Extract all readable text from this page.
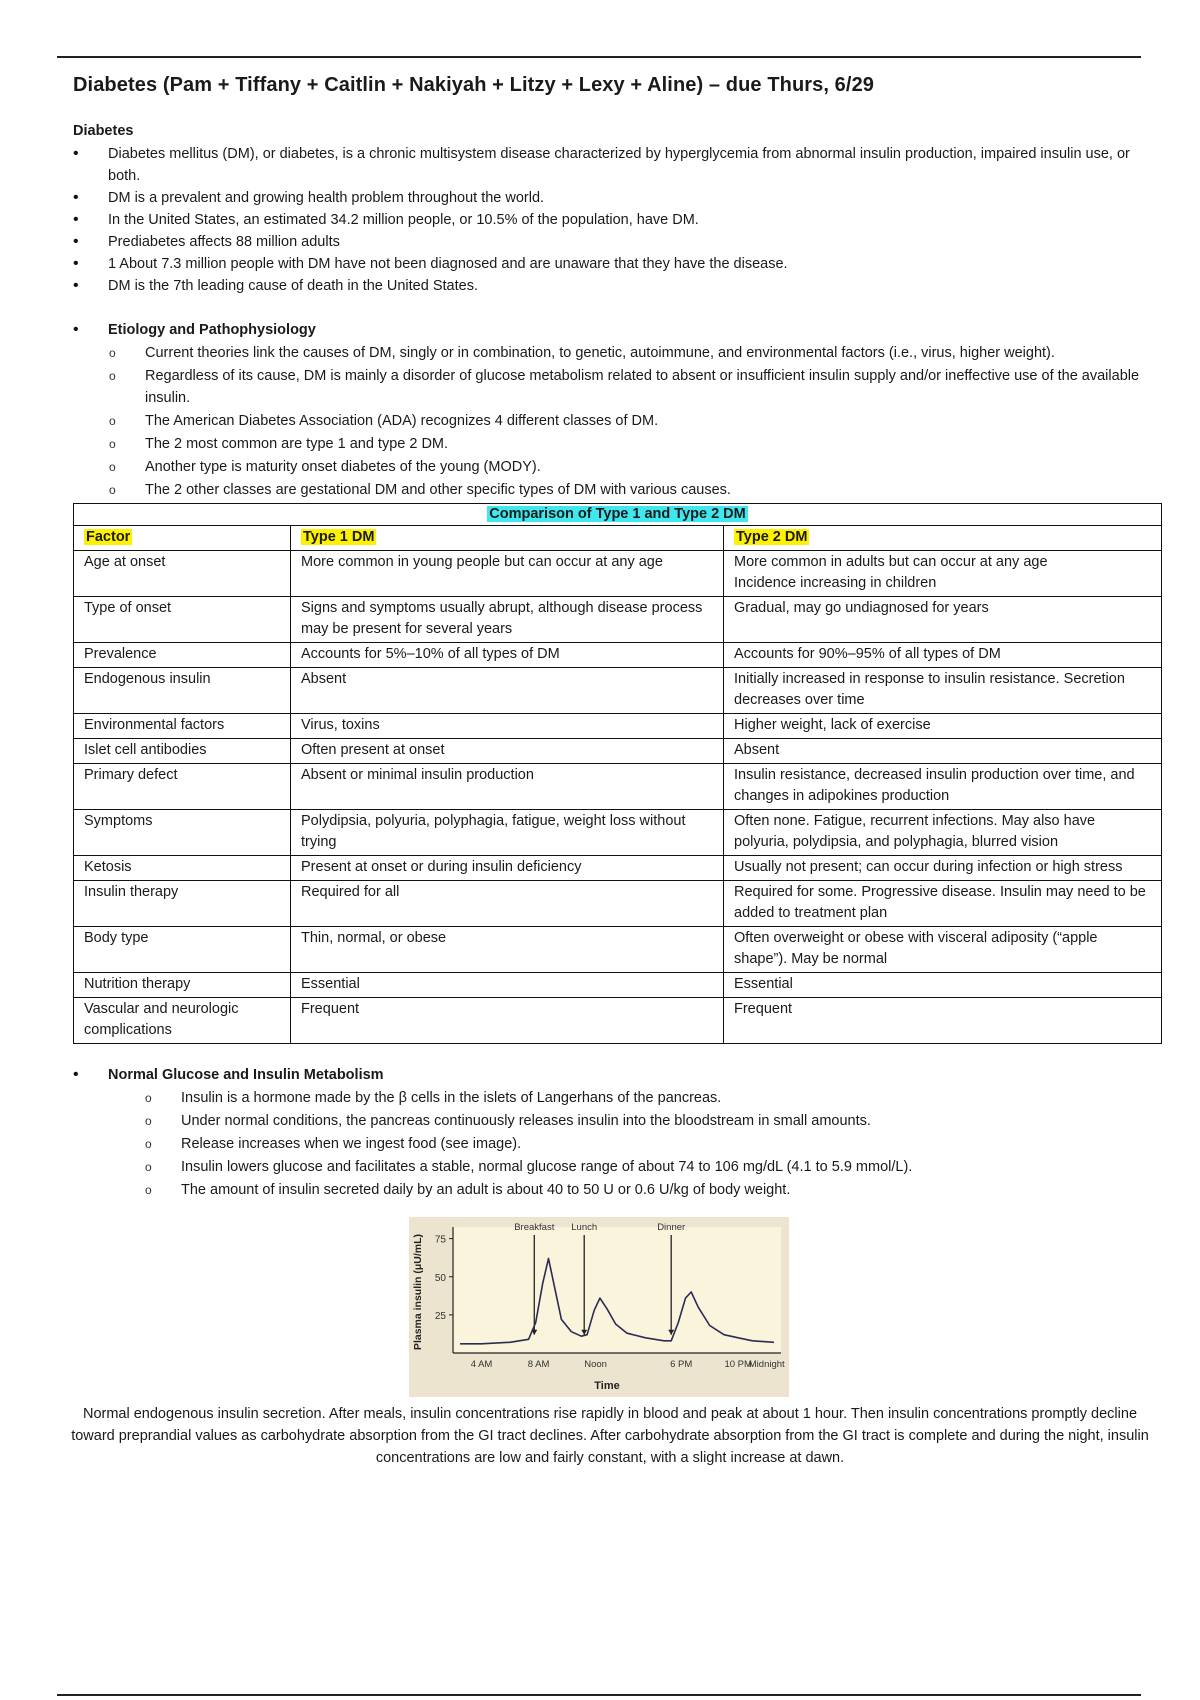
Diabetes (Pam + Tiffany + Caitlin + Nakiyah + Litzy + Lexy + Aline) – due Thurs, 6/29
Diabetes
• Diabetes mellitus (DM), or diabetes, is a chronic multisystem disease characterized by hyperglycemia from abnormal insulin production, impaired insulin use, or both.
• DM is a prevalent and growing health problem throughout the world.
• In the United States, an estimated 34.2 million people, or 10.5% of the population, have DM.
• Prediabetes affects 88 million adults
• 1 About 7.3 million people with DM have not been diagnosed and are unaware that they have the disease.
• DM is the 7th leading cause of death in the United States.
• Etiology and Pathophysiology
o Current theories link the causes of DM, singly or in combination, to genetic, autoimmune, and environmental factors (i.e., virus, higher weight).
o Regardless of its cause, DM is mainly a disorder of glucose metabolism related to absent or insufficient insulin supply and/or ineffective use of the available insulin.
o The American Diabetes Association (ADA) recognizes 4 different classes of DM.
o The 2 most common are type 1 and type 2 DM.
o Another type is maturity onset diabetes of the young (MODY).
o The 2 other classes are gestational DM and other specific types of DM with various causes.
Comparison of Type 1 and Type 2 DM		
Factor	Type 1 DM	Type 2 DM
Age at onset	More common in young people but can occur at any age	More common in adults but can occur at any age
Incidence increasing in children
Type of onset	Signs and symptoms usually abrupt, although disease process may be present for several years	Gradual, may go undiagnosed for years
Prevalence	Accounts for 5%–10% of all types of DM	Accounts for 90%–95% of all types of DM
Endogenous insulin	Absent	Initially increased in response to insulin resistance. Secretion decreases over time
Environmental factors	Virus, toxins	Higher weight, lack of exercise
Islet cell antibodies	Often present at onset	Absent
Primary defect	Absent or minimal insulin production	Insulin resistance, decreased insulin production over time, and changes in adipokines production
Symptoms	Polydipsia, polyuria, polyphagia, fatigue, weight loss without trying	Often none. Fatigue, recurrent infections. May also have polyuria, polydipsia, and polyphagia, blurred vision
Ketosis	Present at onset or during insulin deficiency	Usually not present; can occur during infection or high stress
Insulin therapy	Required for all	Required for some. Progressive disease. Insulin may need to be added to treatment plan
Body type	Thin, normal, or obese	Often overweight or obese with visceral adiposity (“apple shape”). May be normal
Nutrition therapy	Essential	Essential
Vascular and neurologic complications	Frequent	Frequent
• Normal Glucose and Insulin Metabolism
o Insulin is a hormone made by the β cells in the islets of Langerhans of the pancreas.
o Under normal conditions, the pancreas continuously releases insulin into the bloodstream in small amounts.
o Release increases when we ingest food (see image).
o Insulin lowers glucose and facilitates a stable, normal glucose range of about 74 to 106 mg/dL (4.1 to 5.9 mmol/L).
o The amount of insulin secreted daily by an adult is about 40 to 50 U or 0.6 U/kg of body weight.
Plasma insulin (μU/mL)
Time
25
50
75
4 AM	8 AM	Noon	6 PM	10 PM
Midnight
Breakfast Lunch	Dinner

Normal endogenous insulin secretion. After meals, insulin concentrations rise rapidly in blood and peak at about 1 hour. Then insulin concentrations promptly decline toward preprandial values as carbohydrate absorption from the GI tract declines. After carbohydrate absorption from the GI tract is complete and during the night, insulin concentrations are low and fairly constant, with a slight increase at dawn.
